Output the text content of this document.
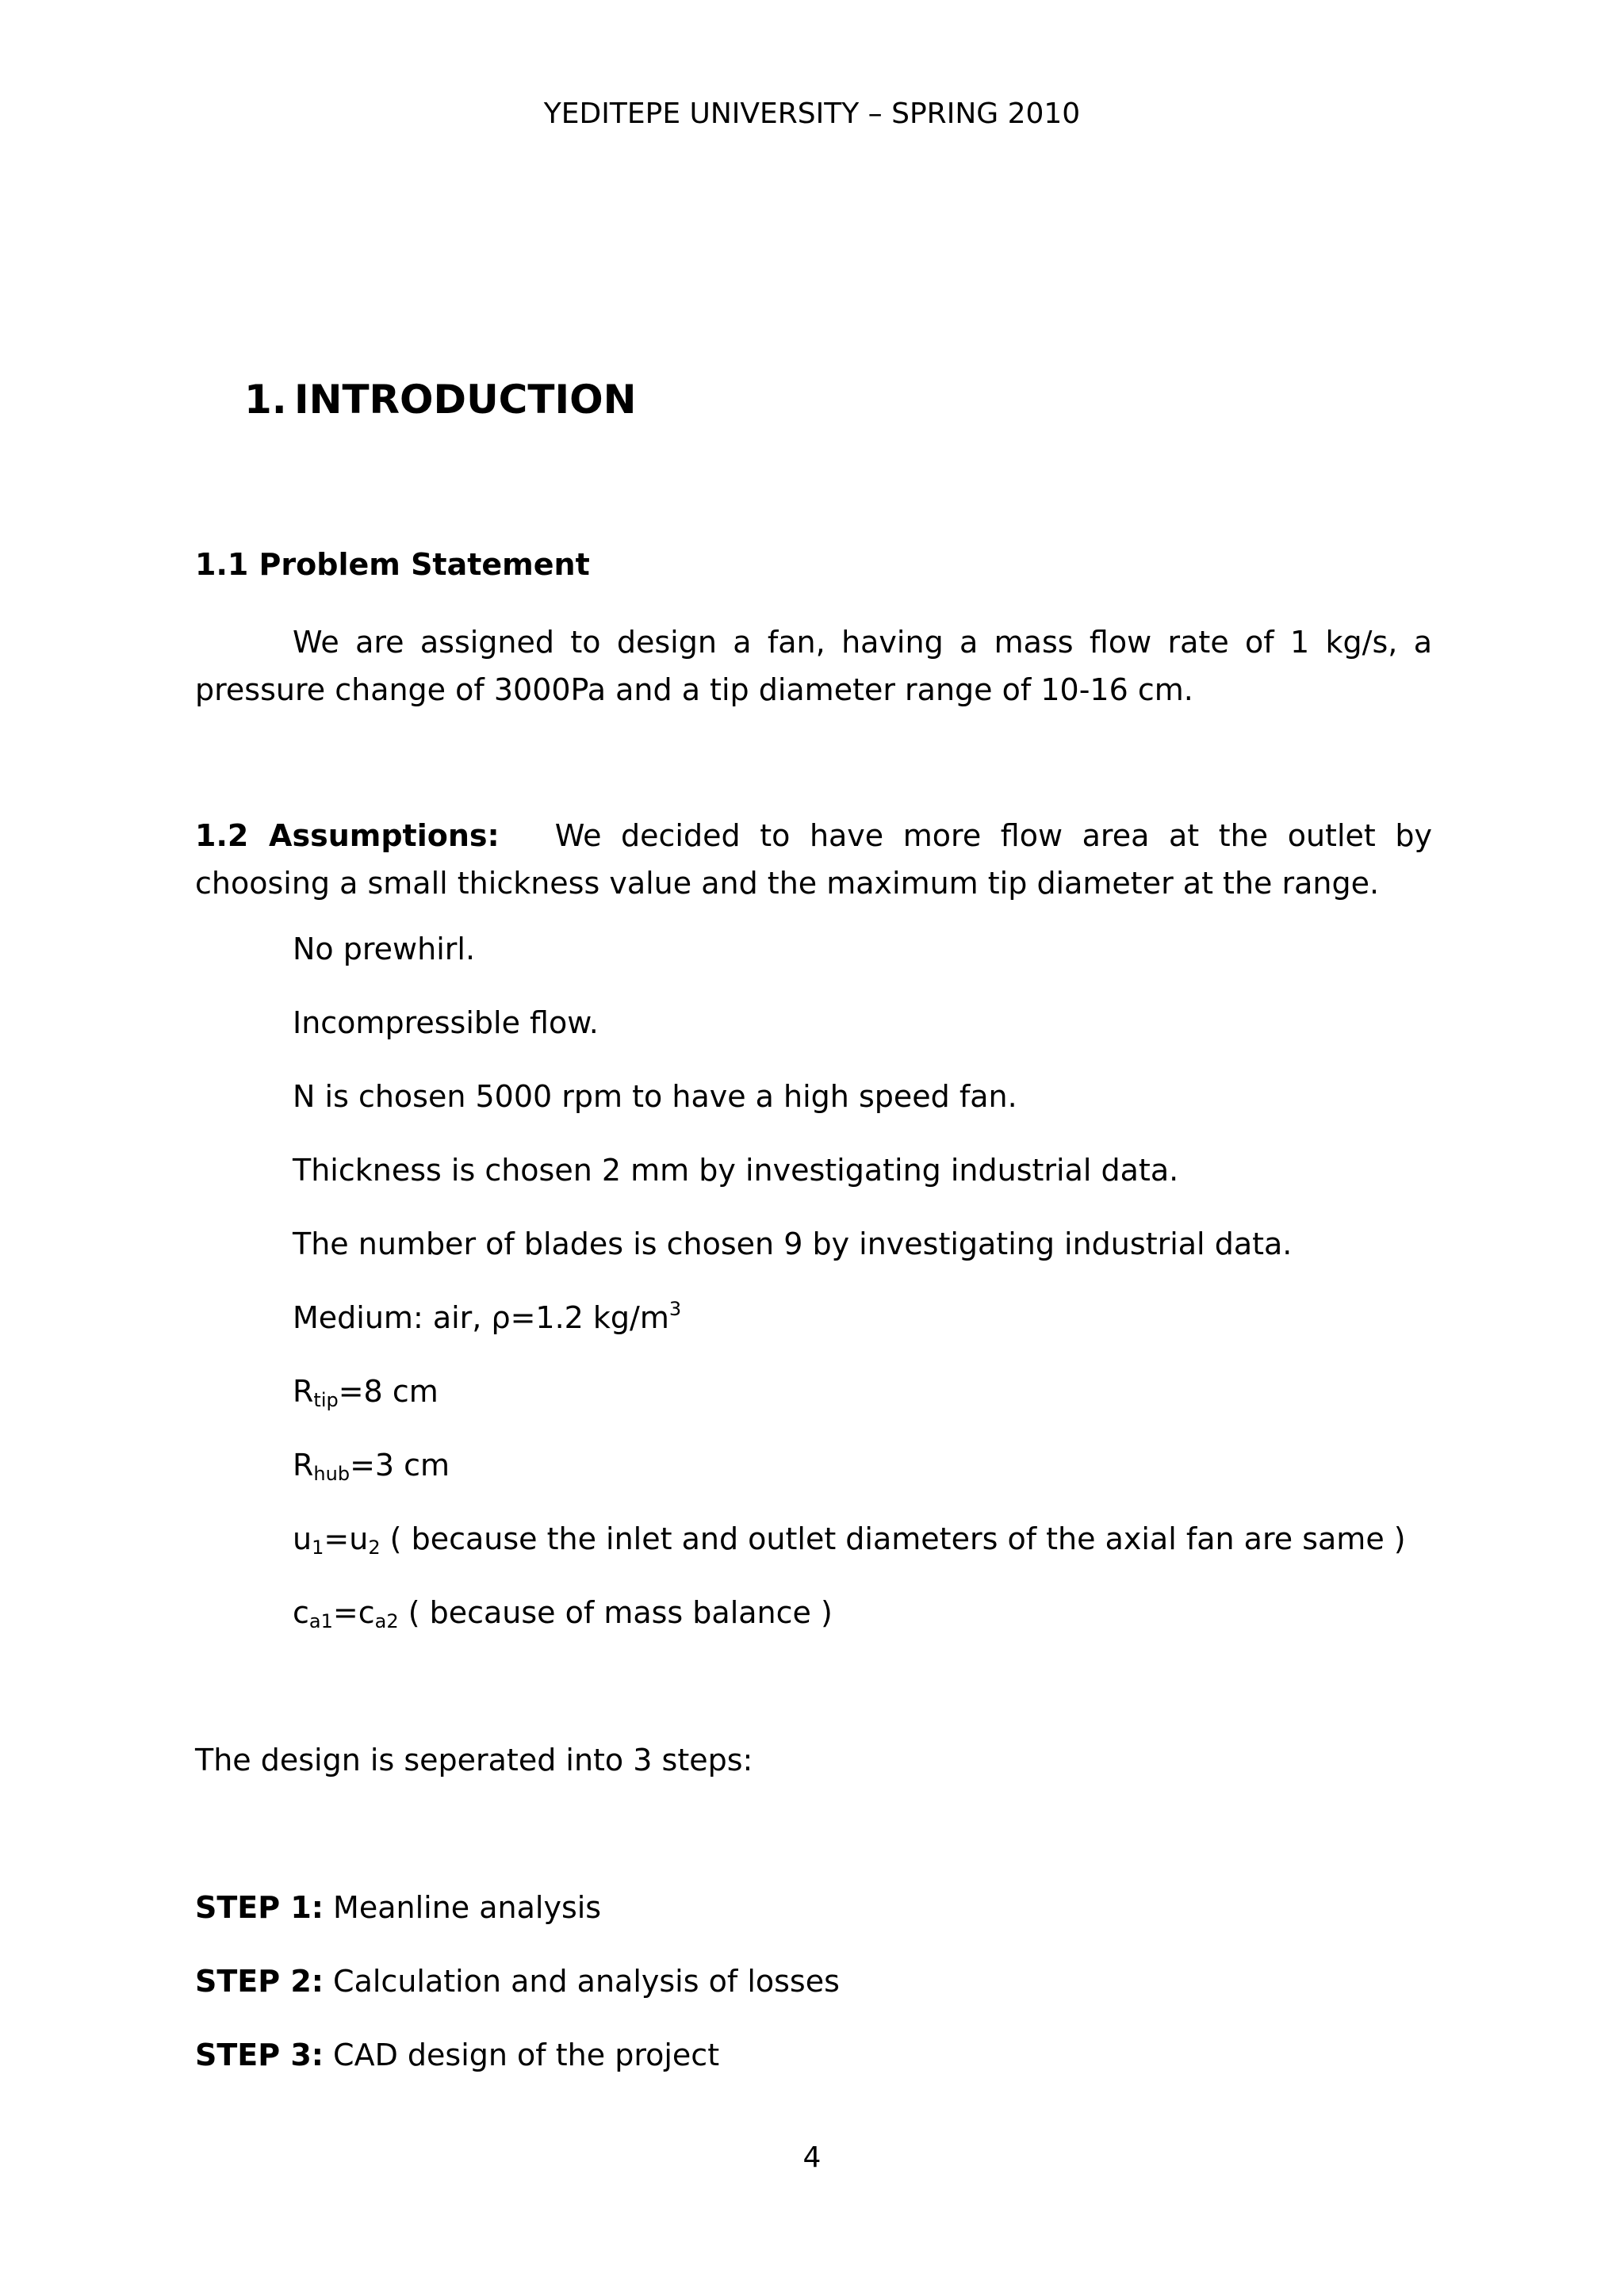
YEDITEPE UNIVERSITY – SPRING 2010
1. INTRODUCTION
1.1 Problem Statement
We are assigned to design a fan, having a mass flow rate of 1 kg/s, a pressure change of 3000Pa and a tip diameter range of 10-16 cm.
1.2 Assumptions: We decided to have more flow area at the outlet by choosing a small thickness value and the maximum tip diameter at the range.
No prewhirl.
Incompressible flow.
N is chosen 5000 rpm to have a high speed fan.
Thickness is chosen 2 mm by investigating industrial data.
The number of blades is chosen 9 by investigating industrial data.
Medium: air, ρ=1.2 $kg/m^3$
$R_{tip}=8$ cm
$R_{hub}=3$ cm
$u_1=u_2$ ( because the inlet and outlet diameters of the axial fan are same )
$c_{a1}=c_{a2}$ ( because of mass balance )
The design is seperated into 3 steps:
STEP 1: Meanline analysis
STEP 2: Calculation and analysis of losses
STEP 3: CAD design of the project
4
